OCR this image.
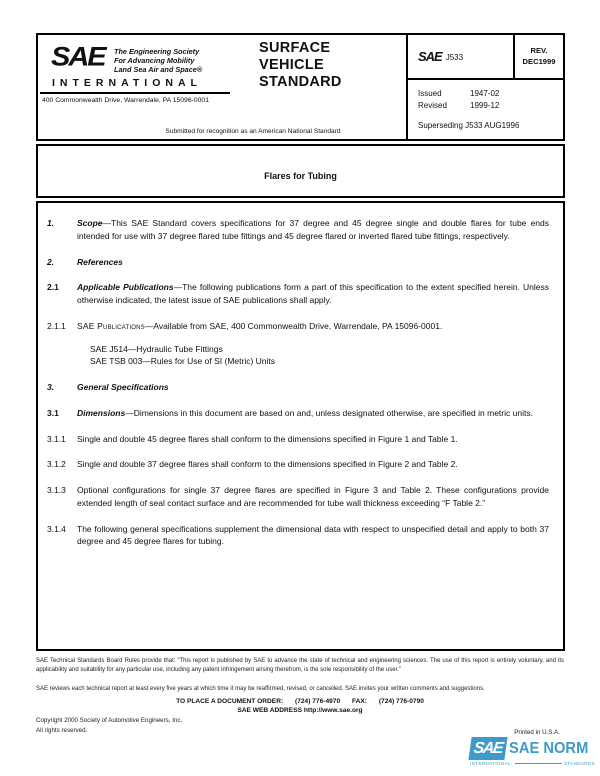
SAE The Engineering Society
For Advancing Mobility
Land Sea Air and Space®
INTERNATIONAL
400 Commonwealth Drive, Warrendale, PA 15096-0001
SURFACE
VEHICLE
STANDARD
Submitted for recognition as an American National Standard
SAE J533
REV.
DEC1999
Issued	1947-02
Revised	1999-12
Superseding J533 AUG1996
Flares for Tubing
1.	Scope—This SAE Standard covers specifications for 37 degree and 45 degree single and double flares for tube ends intended for use with 37 degree flared tube fittings and 45 degree flared or inverted flared tube fittings, respectively.
2.	References
2.1	Applicable Publications—The following publications form a part of this specification to the extent specified herein. Unless otherwise indicated, the latest issue of SAE publications shall apply.
2.1.1	SAE Publications—Available from SAE, 400 Commonwealth Drive, Warrendale, PA 15096-0001.
SAE J514—Hydraulic Tube Fittings
SAE TSB 003—Rules for Use of SI (Metric) Units
3.	General Specifications
3.1	Dimensions—Dimensions in this document are based on and, unless designated otherwise, are specified in metric units.
3.1.1	Single and double 45 degree flares shall conform to the dimensions specified in Figure 1 and Table 1.
3.1.2	Single and double 37 degree flares shall conform to the dimensions specified in Figure 2 and Table 2.
3.1.3	Optional configurations for single 37 degree flares are specified in Figure 3 and Table 2. These configurations provide extended length of seal contact surface and are recommended for tube wall thickness exceeding “F Table 2.”
3.1.4	The following general specifications supplement the dimensional data with respect to unspecified detail and apply to both 37 degree and 45 degree flares for tubing.
SAE Technical Standards Board Rules provide that: “This report is published by SAE to advance the state of technical and engineering sciences. The use of this report is entirely voluntary, and its applicability and suitability for any particular use, including any patent infringement arising therefrom, is the sole responsibility of the user.”
SAE reviews each technical report at least every five years at which time it may be reaffirmed, revised, or cancelled. SAE invites your written comments and suggestions.
TO PLACE A DOCUMENT ORDER: (724) 776-4970 FAX: (724) 776-0790
SAE WEB ADDRESS http://www.sae.org
Copyright 2000 Society of Automotive Engineers, Inc.
All rights reserved.	Printed in U.S.A.
SAE SAE NORM
INTERNATIONAL.	STANDARDS
